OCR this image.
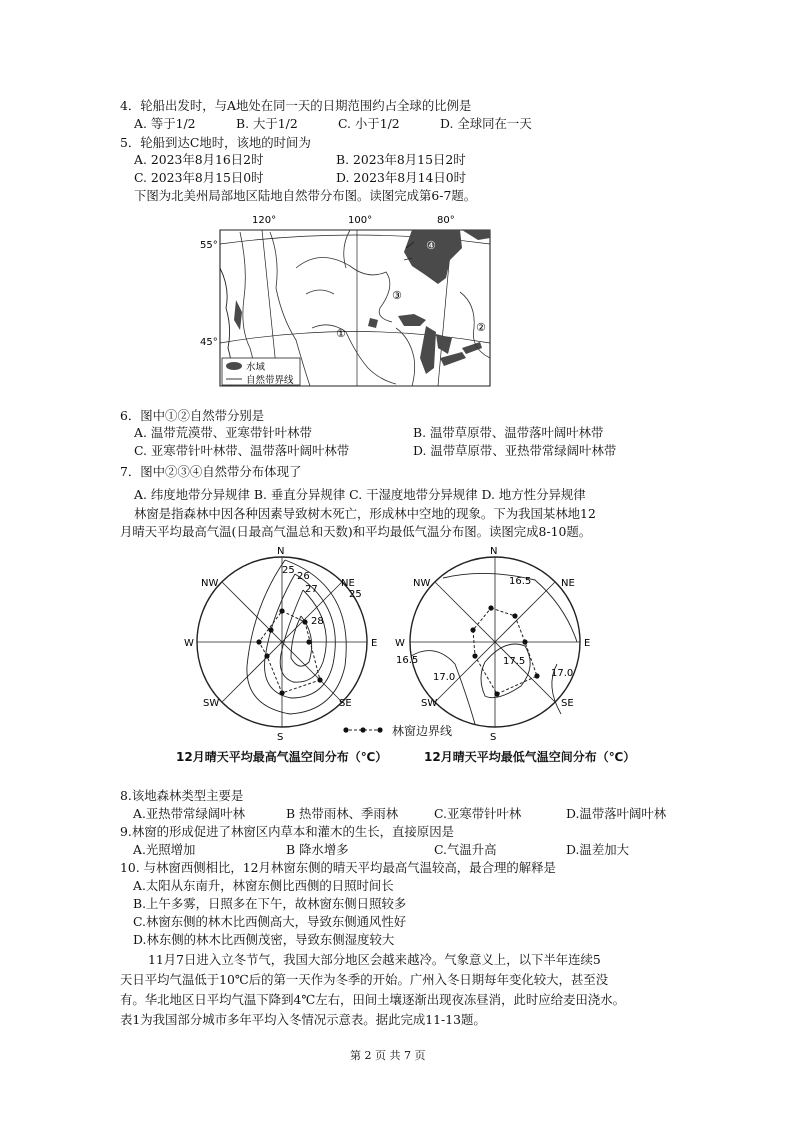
4．轮船出发时，与A地处在同一天的日期范围约占全球的比例是
A. 等于1/2	B. 大于1/2	C. 小于1/2	D. 全球同在一天
5．轮船到达C地时，该地的时间为
A. 2023年8月16日2时	B. 2023年8月15日2时
C. 2023年8月15日0时	D. 2023年8月14日0时
下图为北美州局部地区陆地自然带分布图。读图完成第6-7题。
120°	100°	80°
55°
45°
①	②
③
④
水域
自然带界线
6．图中①②自然带分别是
A. 温带荒漠带、亚寒带针叶林带	B. 温带草原带、温带落叶阔叶林带
C. 亚寒带针叶林带、温带落叶阔叶林带	D. 温带草原带、亚热带常绿阔叶林带
7．图中②③④自然带分布体现了
A. 纬度地带分异规律 B. 垂直分异规律 C. 干湿度地带分异规律 D. 地方性分异规律
林窗是指森林中因各种因素导致树木死亡，形成林中空地的现象。下为我国某林地12
月晴天平均最高气温(日最高气温总和天数)和平均最低气温分布图。读图完成8-10题。
N
NE
E
SE
S
SW
W
NW
25
26
27
28
25
N
NE
E
SE
S
SW
W
NW	16.5
16.5
17.0
17.5
17.0
林窗边界线
12月晴天平均最高气温空间分布（℃）	12月晴天平均最低气温空间分布（℃）
8.该地森林类型主要是
A.亚热带常绿阔叶林	B 热带雨林、季雨林	C.亚寒带针叶林	D.温带落叶阔叶林
9.林窗的形成促进了林窗区内草本和灌木的生长，直接原因是
A.光照增加	B 降水增多	C.气温升高	D.温差加大
10. 与林窗西侧相比，12月林窗东侧的晴天平均最高气温较高，最合理的解释是
A.太阳从东南升，林窗东侧比西侧的日照时间长
B.上午多雾，日照多在下午，故林窗东侧日照较多
C.林窗东侧的林木比西侧高大，导致东侧通风性好
D.林东侧的林木比西侧茂密，导致东侧湿度较大
11月7日进入立冬节气，我国大部分地区会越来越冷。气象意义上，以下半年连续5
天日平均气温低于10℃后的第一天作为冬季的开始。广州入冬日期每年变化较大，甚至没
有。华北地区日平均气温下降到4℃左右，田间土壤逐渐出现夜冻昼消，此时应给麦田浇水。
表1为我国部分城市多年平均入冬情况示意表。据此完成11-13题。
第 2 页 共 7 页
